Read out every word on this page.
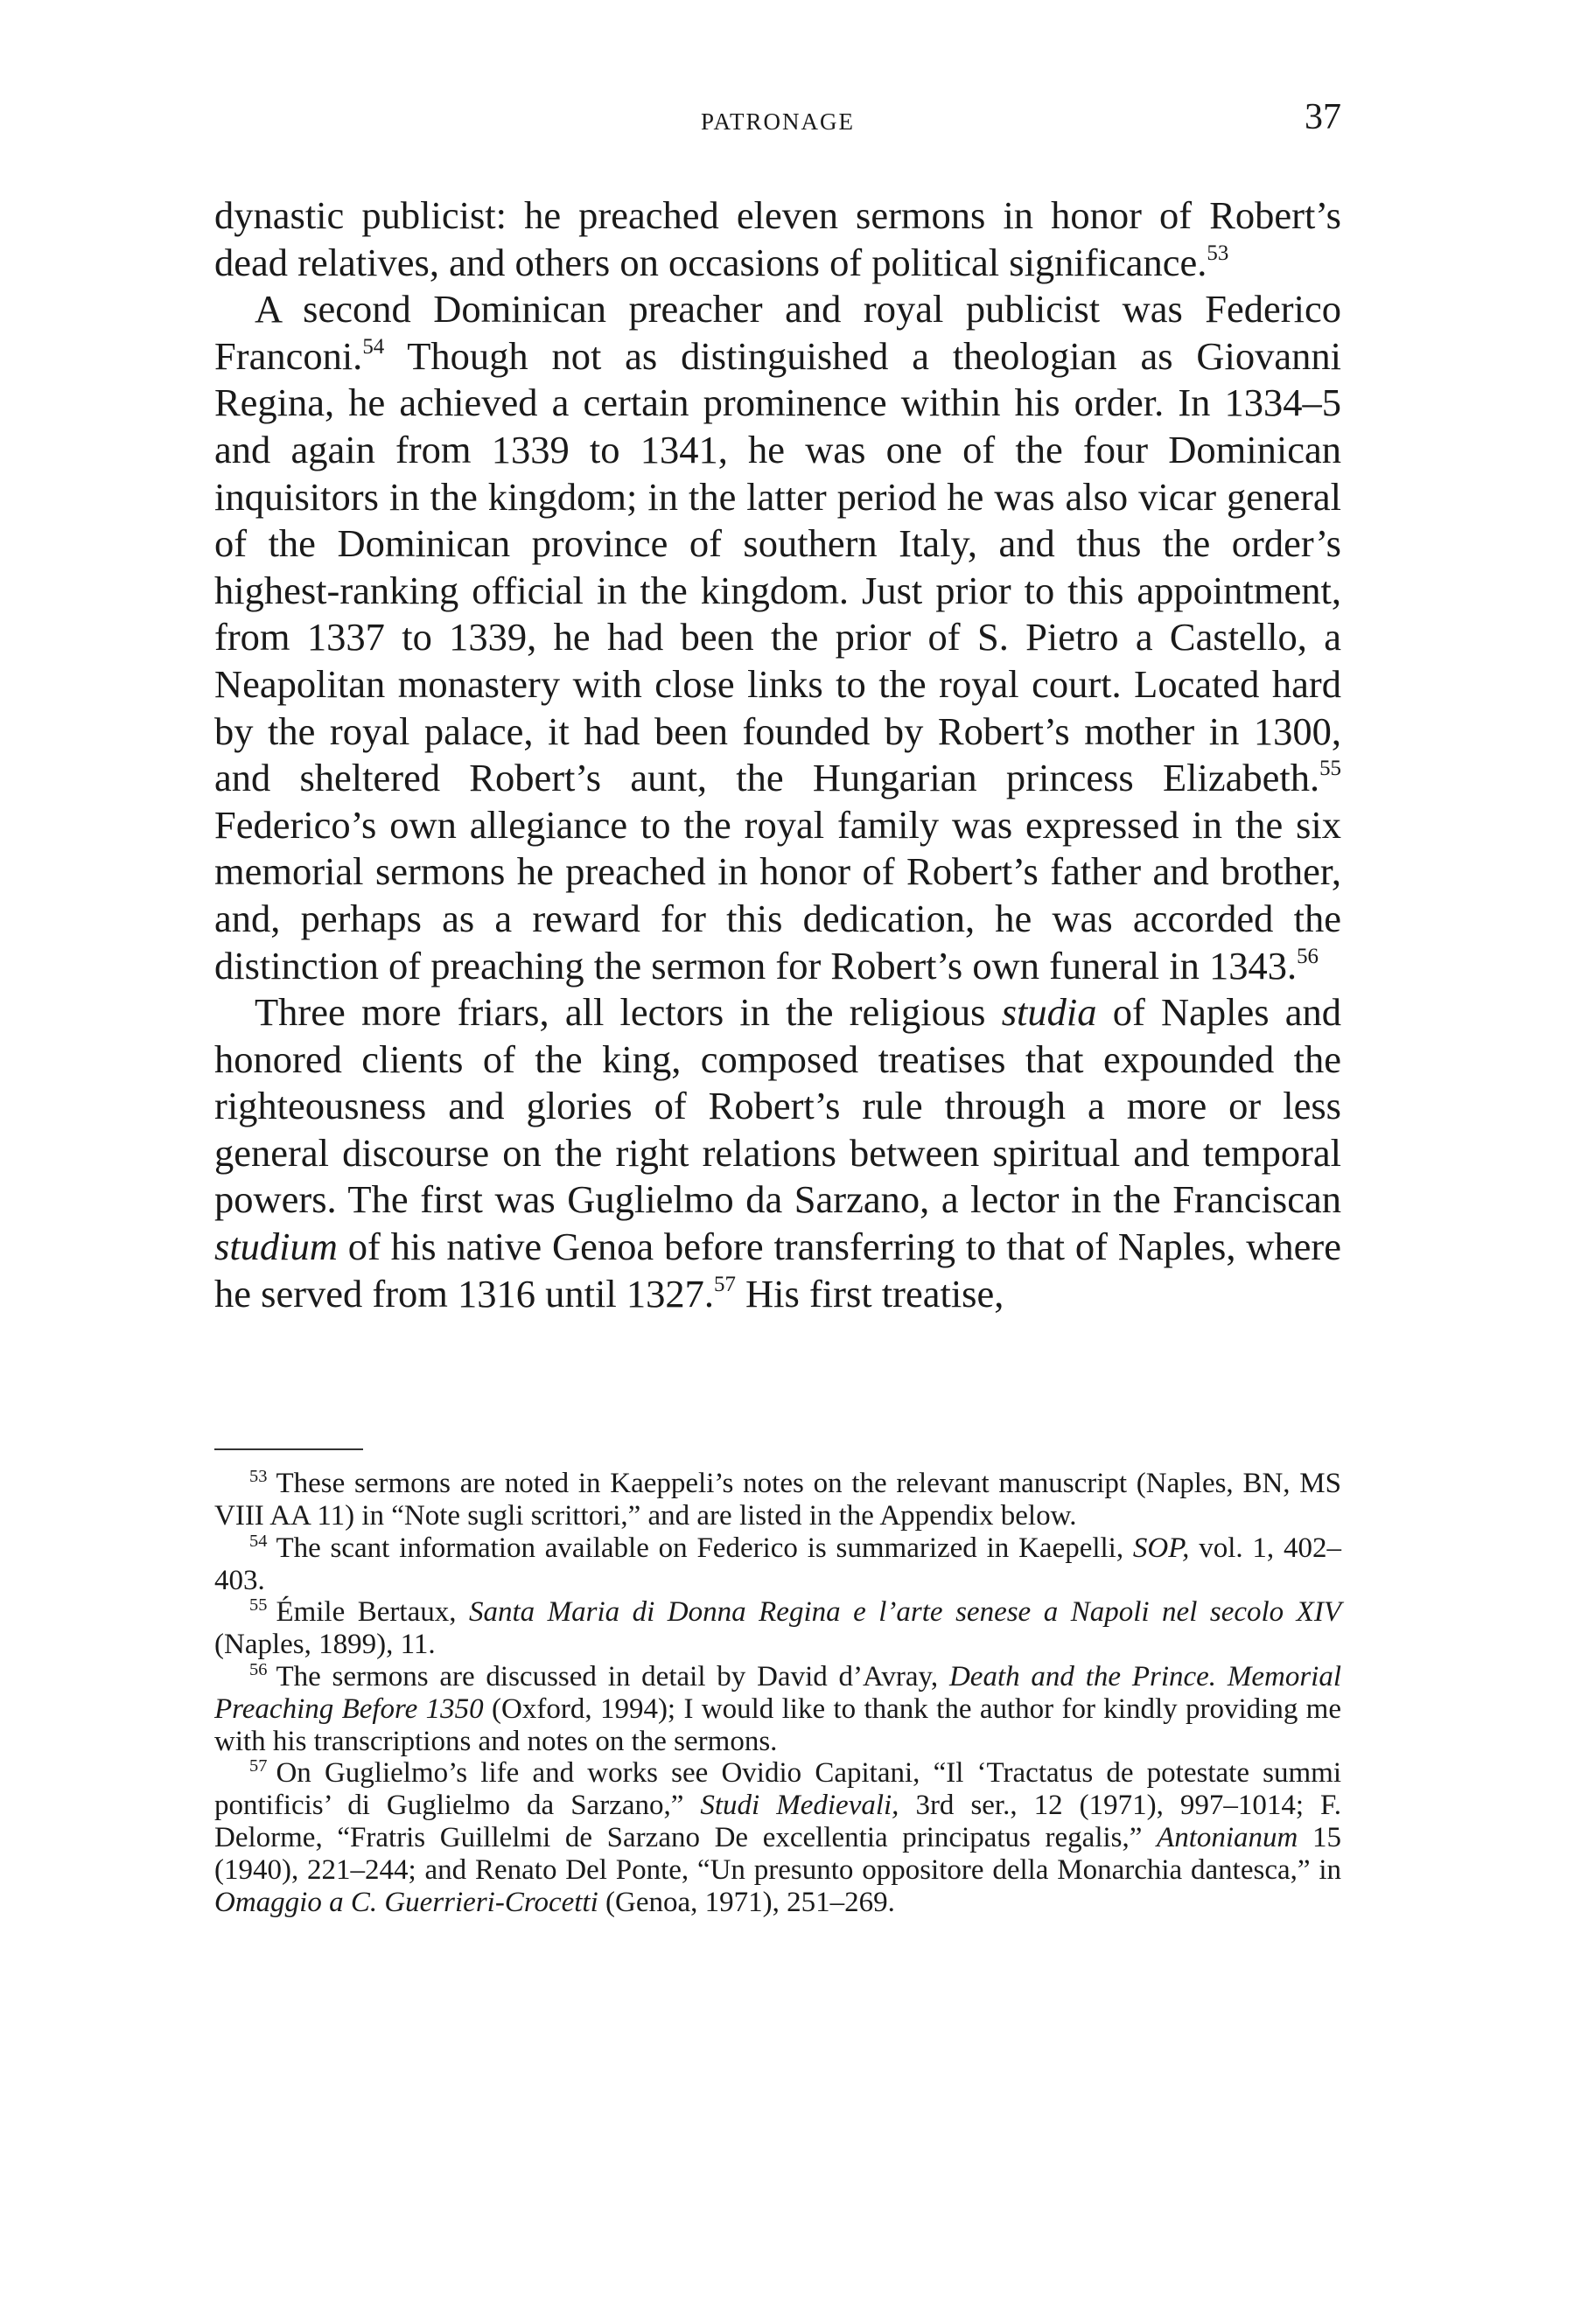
PATRONAGE	37

dynastic publicist: he preached eleven sermons in honor of Robert’s dead relatives, and others on occasions of political significance.$^{53}$

A second Dominican preacher and royal publicist was Federico Franconi.$^{54}$ Though not as distinguished a theologian as Giovanni Regina, he achieved a certain prominence within his order. In 1334–5 and again from 1339 to 1341, he was one of the four Dominican inquisitors in the kingdom; in the latter period he was also vicar general of the Dominican province of southern Italy, and thus the order’s highest-ranking official in the kingdom. Just prior to this appointment, from 1337 to 1339, he had been the prior of S. Pietro a Castello, a Neapolitan monastery with close links to the royal court. Located hard by the royal palace, it had been founded by Robert’s mother in 1300, and sheltered Robert’s aunt, the Hungarian princess Elizabeth.$^{55}$ Federico’s own allegiance to the royal family was expressed in the six memorial sermons he preached in honor of Robert’s father and brother, and, perhaps as a reward for this dedication, he was accorded the distinction of preaching the sermon for Robert’s own funeral in 1343.56

Three more friars, all lectors in the religious studia of Naples and honored clients of the king, composed treatises that expounded the righteousness and glories of Robert’s rule through a more or less general discourse on the right relations between spiritual and temporal powers. The first was Guglielmo da Sarzano, a lector in the Franciscan studium of his native Genoa before transferring to that of Naples, where he served from 1316 until 1327.57 His first treatise,

$^{53}$ These sermons are noted in Kaeppeli’s notes on the relevant manuscript (Naples, BN, MS VIII AA 11) in “Note sugli scrittori,” and are listed in the Appendix below.

$^{54}$ The scant information available on Federico is summarized in Kaepelli, SOP, vol. 1, 402–403.

$^{55}$ Émile Bertaux, Santa Maria di Donna Regina e l’arte senese a Napoli nel secolo XIV (Naples, 1899), 11.

$^{56}$ The sermons are discussed in detail by David d’Avray, Death and the Prince. Memorial Preaching Before 1350 (Oxford, 1994); I would like to thank the author for kindly providing me with his transcriptions and notes on the sermons.

$^{57}$ On Guglielmo’s life and works see Ovidio Capitani, “Il ‘Tractatus de potestate summi pontificis’ di Guglielmo da Sarzano,” Studi Medievali, 3rd ser., 12 (1971), 997–1014; F. Delorme, “Fratris Guillelmi de Sarzano De excellentia principatus regalis,” Antonianum 15 (1940), 221–244; and Renato Del Ponte, “Un presunto oppositore della Monarchia dantesca,” in Omaggio a C. Guerrieri-Crocetti (Genoa, 1971), 251–269.
